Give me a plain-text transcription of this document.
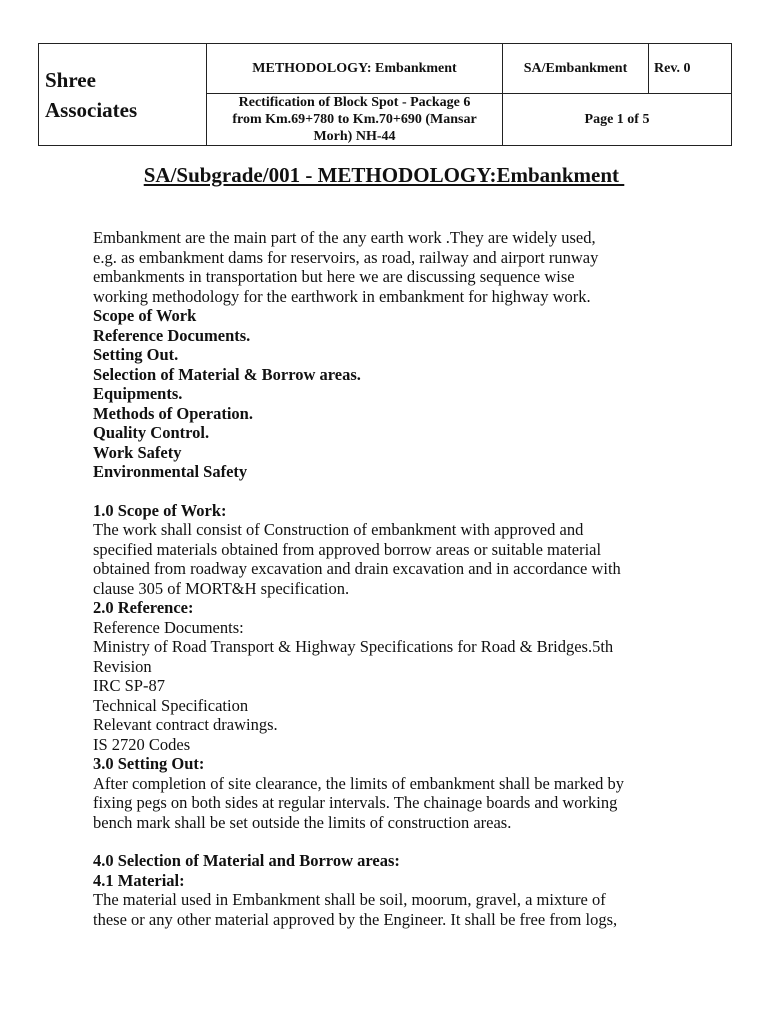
Shree
Associates	METHODOLOGY: Embankment	SA/Embankment	Rev. 0

	Rectification of Block Spot - Package 6
from Km.69+780 to Km.70+690 (Mansar
Morh) NH-44	Page 1 of 5	
SA/Subgrade/001 - METHODOLOGY:Embankment
Embankment are the main part of the any earth work .They are widely used,
e.g. as embankment dams for reservoirs, as road, railway and airport runway
embankments in transportation but here we are discussing sequence wise
working methodology for the earthwork in embankment for highway work.
Scope of Work
Reference Documents.
Setting Out.
Selection of Material & Borrow areas.
Equipments.
Methods of Operation.
Quality Control.
Work Safety
Environmental Safety
1.0 Scope of Work:
The work shall consist of Construction of embankment with approved and
specified materials obtained from approved borrow areas or suitable material
obtained from roadway excavation and drain excavation and in accordance with
clause 305 of MORT&H specification.
2.0 Reference:
Reference Documents:
Ministry of Road Transport & Highway Specifications for Road & Bridges.5th
Revision
IRC SP-87
Technical Specification
Relevant contract drawings.
IS 2720 Codes
3.0 Setting Out:
After completion of site clearance, the limits of embankment shall be marked by
fixing pegs on both sides at regular intervals. The chainage boards and working
bench mark shall be set outside the limits of construction areas.
4.0 Selection of Material and Borrow areas:
4.1 Material:
The material used in Embankment shall be soil, moorum, gravel, a mixture of
these or any other material approved by the Engineer. It shall be free from logs,
